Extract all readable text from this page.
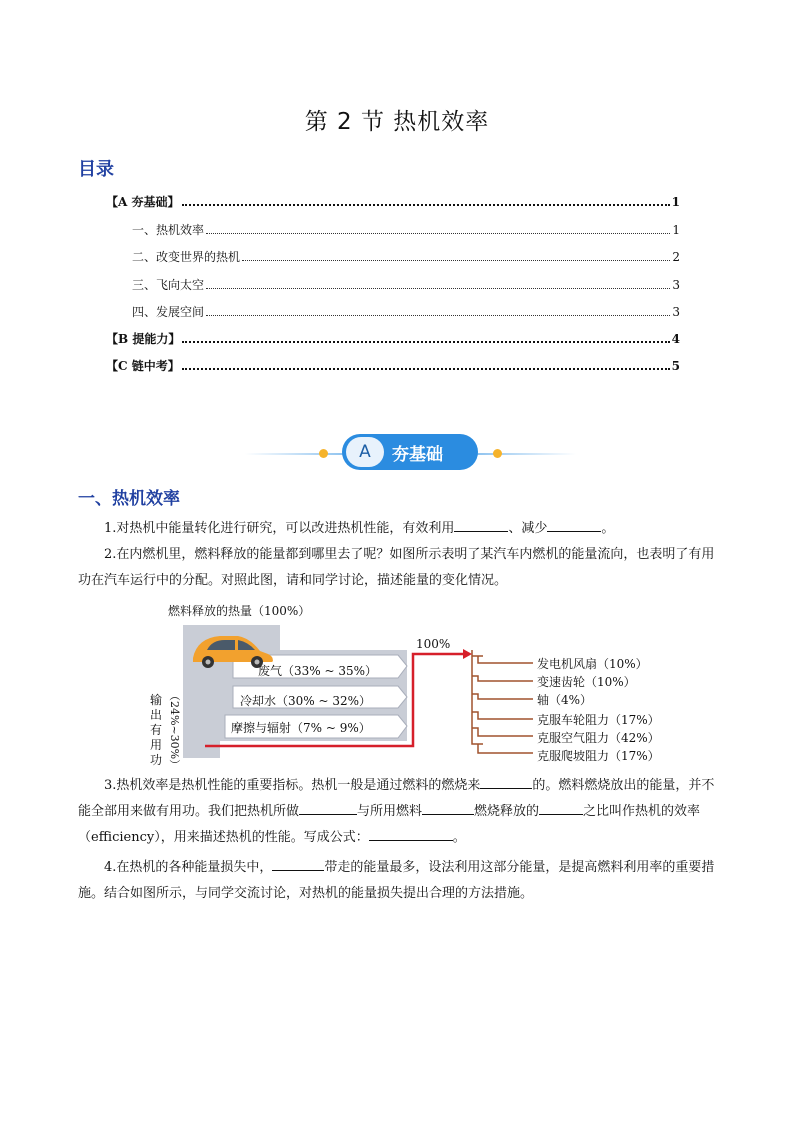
第 2 节 热机效率
目录
【A 夯基础】	1
一、热机效率	1
二、改变世界的热机	2
三、飞向太空	3
四、发展空间	3
【B 提能力】	4
【C 链中考】	5
A	夯基础
一、热机效率
1.对热机中能量转化进行研究，可以改进热机性能，有效利用	、减少	。
2.在内燃机里，燃料释放的能量都到哪里去了呢？如图所示表明了某汽车内燃机的能量流向，也表明了有用功在汽车运行中的分配。对照此图，请和同学讨论，描述能量的变化情况。
燃料释放的热量（100%）
废气（33% ~ 35%）
冷却水（30% ~ 32%）
摩擦与辐射（7% ~ 9%）
输出有用功 （24%~30%）
100%
发电机风扇（10%）
变速齿轮（10%）
轴（4%）
克服车轮阻力（17%）
克服空气阻力（42%）
克服爬坡阻力（17%）
3.热机效率是热机性能的重要指标。热机一般是通过燃料的燃烧来	的。燃料燃烧放出的能量，并不能全部用来做有用功。我们把热机所做	与所用燃料	燃烧释放的	之比叫作热机的效率（efficiency），用来描述热机的性能。写成公式：	。
4.在热机的各种能量损失中，	带走的能量最多，设法利用这部分能量，是提高燃料利用率的重要措施。结合如图所示，与同学交流讨论，对热机的能量损失提出合理的方法措施。
